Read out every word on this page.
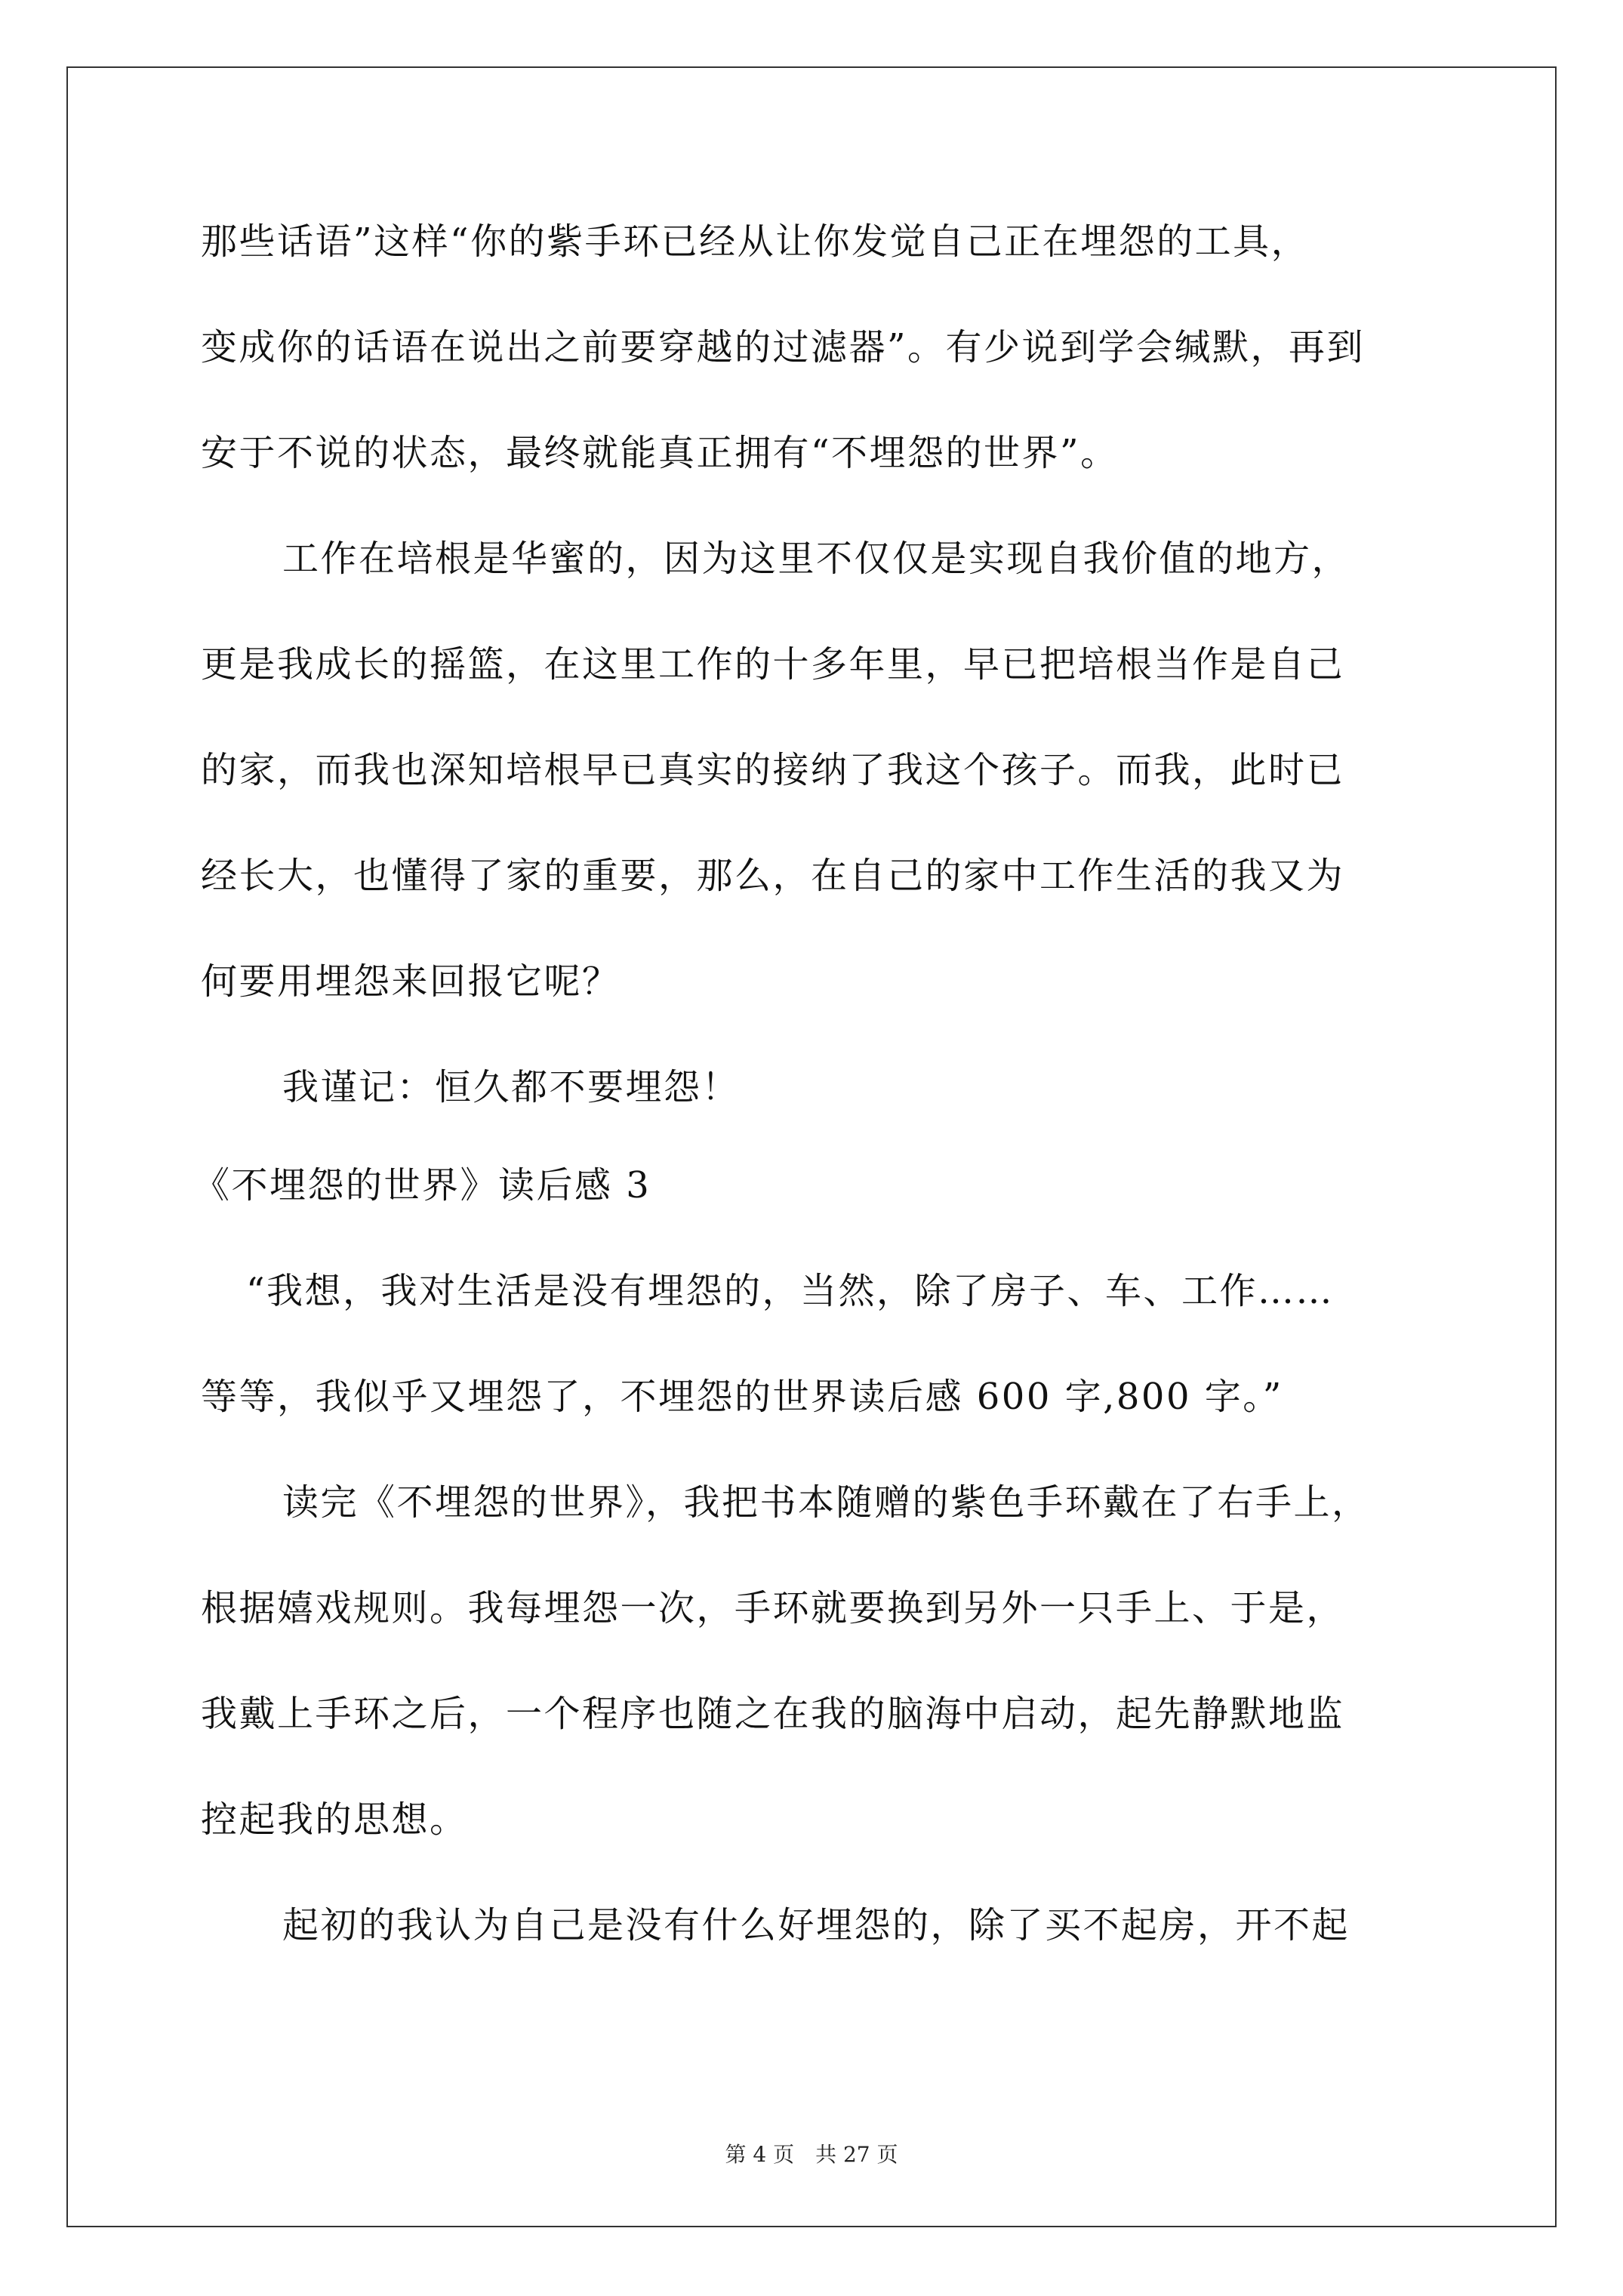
那些话语”这样“你的紫手环已经从让你发觉自己正在埋怨的工具，
变成你的话语在说出之前要穿越的过滤器”。有少说到学会缄默，再到
安于不说的状态，最终就能真正拥有“不埋怨的世界”。
工作在培根是华蜜的，因为这里不仅仅是实现自我价值的地方，
更是我成长的摇篮，在这里工作的十多年里，早已把培根当作是自己
的家，而我也深知培根早已真实的接纳了我这个孩子。而我，此时已
经长大，也懂得了家的重要，那么，在自己的家中工作生活的我又为
何要用埋怨来回报它呢？
我谨记：恒久都不要埋怨！
《不埋怨的世界》读后感 3
“我想，我对生活是没有埋怨的，当然，除了房子、车、工作……
等等，我似乎又埋怨了，不埋怨的世界读后感 600 字,800 字。”
读完《不埋怨的世界》，我把书本随赠的紫色手环戴在了右手上，
根据嬉戏规则。我每埋怨一次，手环就要换到另外一只手上、于是，
我戴上手环之后，一个程序也随之在我的脑海中启动，起先静默地监
控起我的思想。
起初的我认为自己是没有什么好埋怨的，除了买不起房，开不起
第 4 页 共 27 页
